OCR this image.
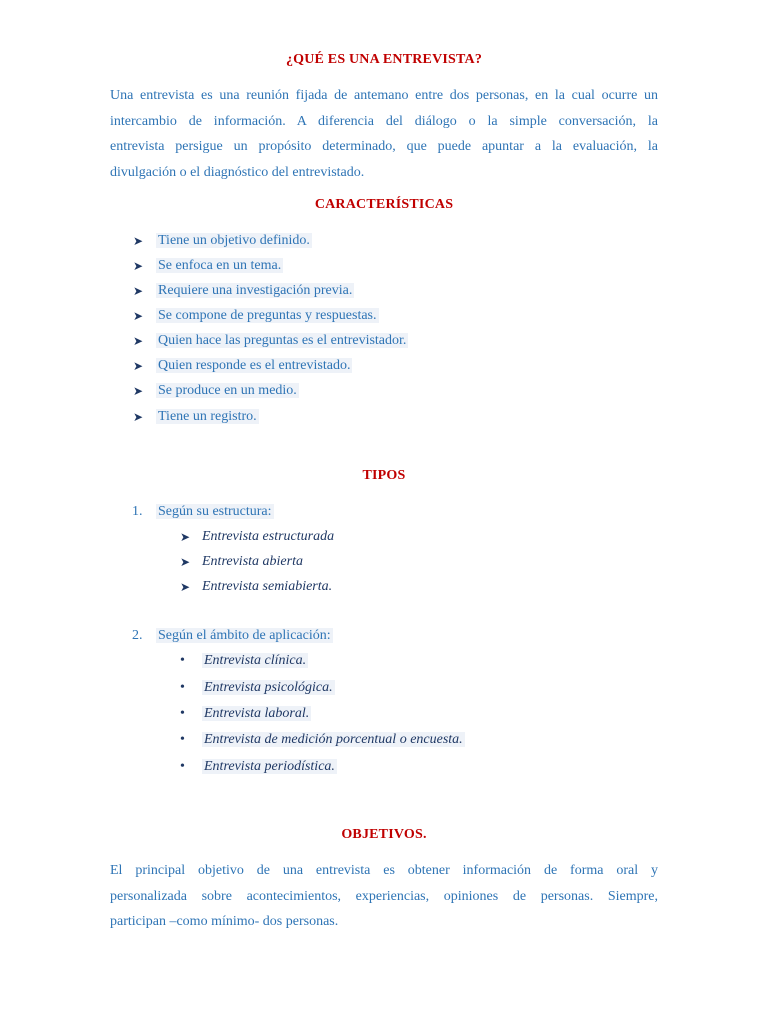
¿QUÉ ES UNA ENTREVISTA?
Una entrevista es una reunión fijada de antemano entre dos personas, en la cual ocurre un
intercambio de información. A diferencia del diálogo o la simple conversación, la
entrevista persigue un propósito determinado, que puede apuntar a la evaluación, la
divulgación o el diagnóstico del entrevistado.
CARACTERÍSTICAS
➤ Tiene un objetivo definido.
➤ Se enfoca en un tema.
➤ Requiere una investigación previa.
➤ Se compone de preguntas y respuestas.
➤ Quien hace las preguntas es el entrevistador.
➤ Quien responde es el entrevistado.
➤ Se produce en un medio.
➤ Tiene un registro.
TIPOS
1. Según su estructura:
➤ Entrevista estructurada
➤ Entrevista abierta
➤ Entrevista semiabierta.
2. Según el ámbito de aplicación:
• Entrevista clínica.
• Entrevista psicológica.
• Entrevista laboral.
• Entrevista de medición porcentual o encuesta.
• Entrevista periodística.
OBJETIVOS.
El principal objetivo de una entrevista es obtener información de forma oral y
personalizada sobre acontecimientos, experiencias, opiniones de personas. Siempre,
participan –como mínimo- dos personas.
